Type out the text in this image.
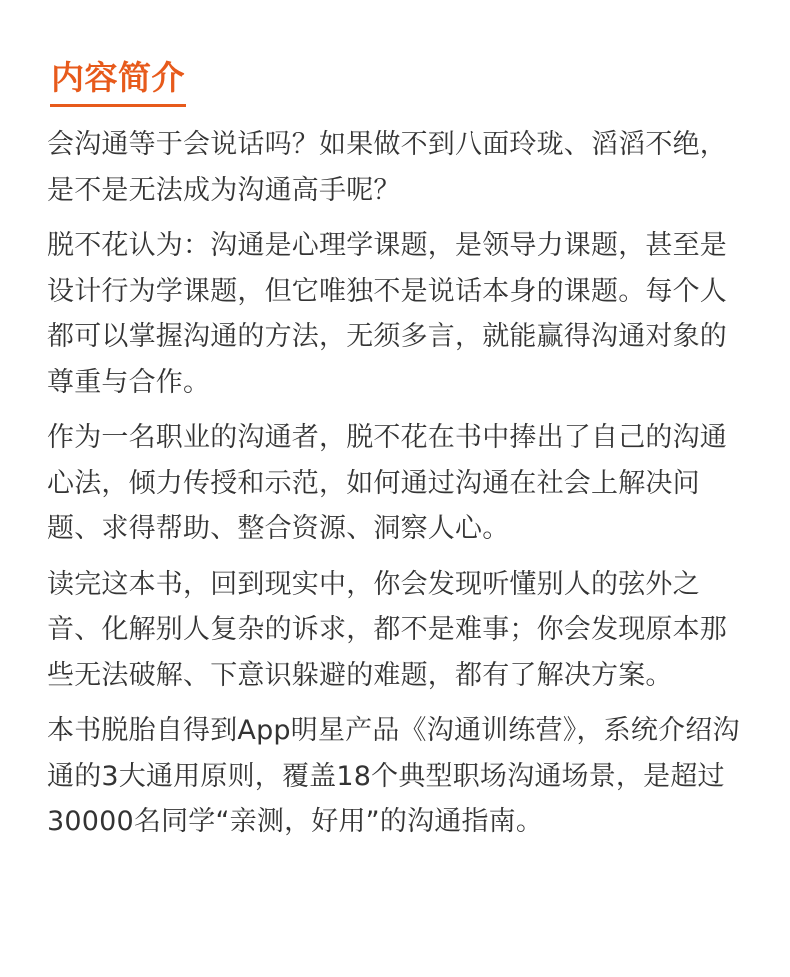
内容简介

会沟通等于会说话吗？如果做不到八面玲珑、滔滔不绝，是不是无法成为沟通高手呢？

脱不花认为：沟通是心理学课题，是领导力课题，甚至是设计行为学课题，但它唯独不是说话本身的课题。每个人都可以掌握沟通的方法，无须多言，就能赢得沟通对象的尊重与合作。

作为一名职业的沟通者，脱不花在书中捧出了自己的沟通心法，倾力传授和示范，如何通过沟通在社会上解决问题、求得帮助、整合资源、洞察人心。

读完这本书，回到现实中，你会发现听懂别人的弦外之音、化解别人复杂的诉求，都不是难事；你会发现原本那些无法破解、下意识躲避的难题，都有了解决方案。

本书脱胎自得到App明星产品《沟通训练营》，系统介绍沟通的3大通用原则，覆盖18个典型职场沟通场景，是超过30000名同学“亲测，好用”的沟通指南。
